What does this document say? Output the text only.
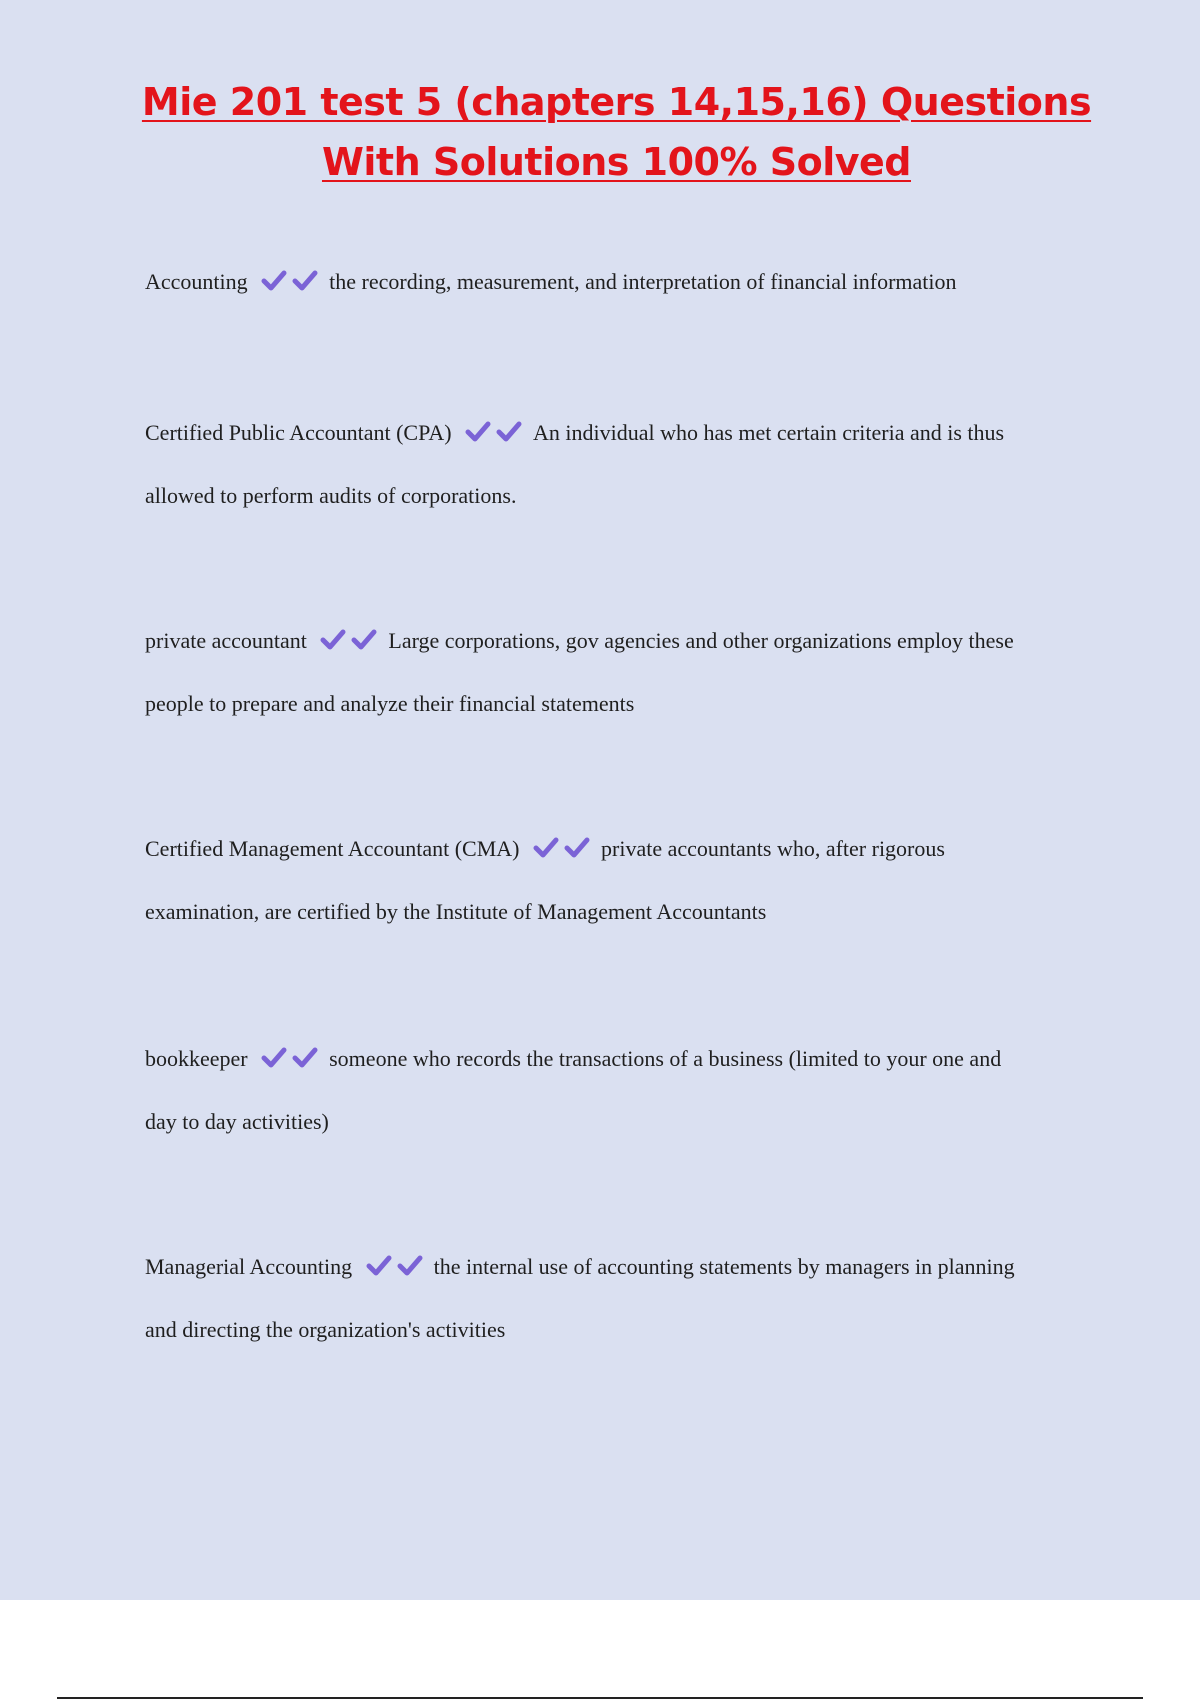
Mie 201 test 5 (chapters 14,15,16) Questions
With Solutions 100% Solved

Accounting	the recording, measurement, and interpretation of financial information

Certified Public Accountant (CPA)	An individual who has met certain criteria and is thus
allowed to perform audits of corporations.

private accountant	Large corporations, gov agencies and other organizations employ these
people to prepare and analyze their financial statements

Certified Management Accountant (CMA)	private accountants who, after rigorous
examination, are certified by the Institute of Management Accountants

bookkeeper	someone who records the transactions of a business (limited to your one and
day to day activities)

Managerial Accounting	the internal use of accounting statements by managers in planning
and directing the organization's activities
